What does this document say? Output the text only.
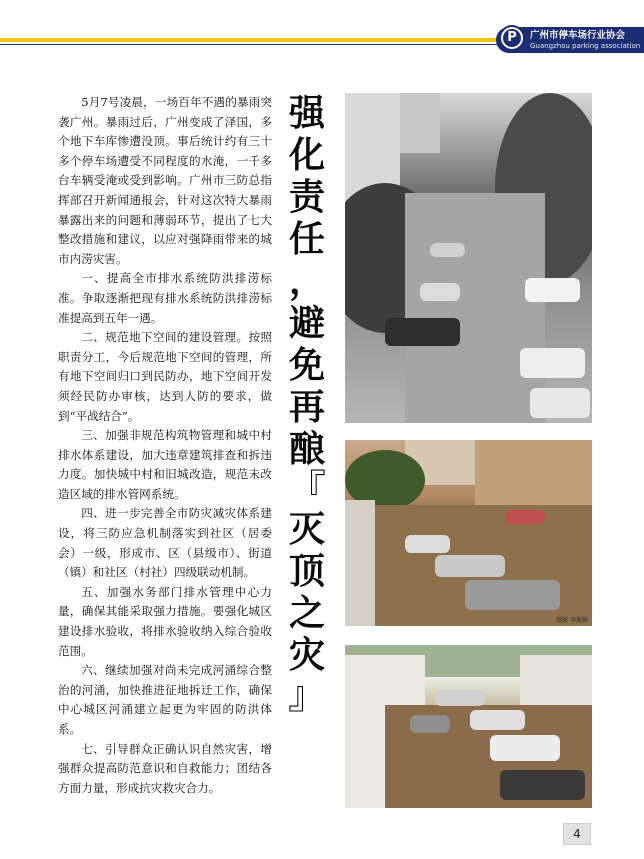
P	广州市停车场行业协会
Guangzhou parking association

5月7号凌晨，一场百年不遇的暴雨突袭广州。暴雨过后，广州变成了泽国，多个地下车库惨遭没顶。事后统计约有三十多个停车场遭受不同程度的水淹，一千多台车辆受淹或受到影响。广州市三防总指挥部召开新闻通报会，针对这次特大暴雨暴露出来的问题和薄弱环节，提出了七大整改措施和建议，以应对强降雨带来的城市内涝灾害。

一、提高全市排水系统防洪排涝标准。争取逐渐把现有排水系统防洪排涝标准提高到五年一遇。

二、规范地下空间的建设管理。按照职责分工，今后规范地下空间的管理，所有地下空间归口到民防办，地下空间开发须经民防办审核，达到人防的要求，做到“平战结合”。

三、加强非规范构筑物管理和城中村排水体系建设，加大违章建筑排查和拆违力度。加快城中村和旧城改造，规范未改造区域的排水管网系统。

四、进一步完善全市防灾减灾体系建设，将三防应急机制落实到社区（居委会）一级，形成市、区（县级市）、街道（镇）和社区（村社）四级联动机制。

五、加强水务部门排水管理中心力量，确保其能采取强力措施。要强化城区建设排水验收，将排水验收纳入综合验收范围。

六、继续加强对尚未完成河涌综合整治的河涌，加快推进征地拆迁工作，确保中心城区河涌建立起更为牢固的防洪体系。

七、引导群众正确认识自然灾害，增强群众提高防范意识和自救能力；团结各方面力量，形成抗灾救灾合力。

强
化
责
任
，
避
免
再
酿
『
灭
顶
之
灾
』
摄影 李振强
4
